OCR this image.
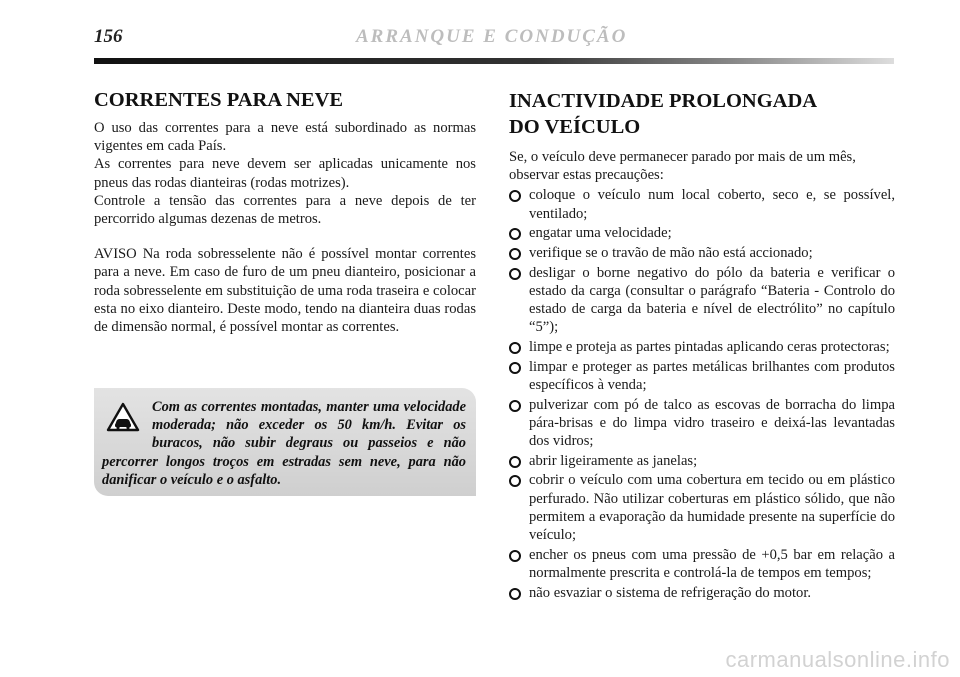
156	ARRANQUE E CONDUÇÃO
CORRENTES PARA NEVE

O uso das correntes para a neve está subordinado as normas vigentes em cada País.

As correntes para neve devem ser aplicadas unicamente nos pneus das rodas dianteiras (rodas motrizes).

Controle a tensão das correntes para a neve depois de ter percorrido algumas dezenas de metros.

AVISO Na roda sobresselente não é possível montar correntes para a neve. Em caso de furo de um pneu dianteiro, posicionar a roda sobresselente em substituição de uma roda traseira e colocar esta no eixo dianteiro. Deste modo, tendo na dianteira duas rodas de dimensão normal, é possível montar as correntes.

Com as correntes montadas, manter uma velocidade moderada; não exceder os 50 km/h. Evitar os buracos, não subir degraus ou passeios e não percorrer longos troços em estradas sem neve, para não danificar o veículo e o asfalto.
INACTIVIDADE PROLONGADA
DO VEÍCULO

Se, o veículo deve permanecer parado por mais de um mês, observar estas precauções:

coloque o veículo num local coberto, seco e, se possível, ventilado;
engatar uma velocidade;
verifique se o travão de mão não está accionado;
desligar o borne negativo do pólo da bateria e verificar o estado da carga (consultar o parágrafo “Bateria - Controlo do estado de carga da bateria e nível de electrólito” no capítulo “5”);
limpe e proteja as partes pintadas aplicando ceras protectoras;
limpar e proteger as partes metálicas brilhantes com produtos específicos à venda;
pulverizar com pó de talco as escovas de borracha do limpa pára-brisas e do limpa vidro traseiro e deixá-las levantadas dos vidros;
abrir ligeiramente as janelas;
cobrir o veículo com uma cobertura em tecido ou em plástico perfurado. Não utilizar coberturas em plástico sólido, que não permitem a evaporação da humidade presente na superfície do veículo;
encher os pneus com uma pressão de +0,5 bar em relação a normalmente prescrita e controlá-la de tempos em tempos;
não esvaziar o sistema de refrigeração do motor.
carmanualsonline.info
